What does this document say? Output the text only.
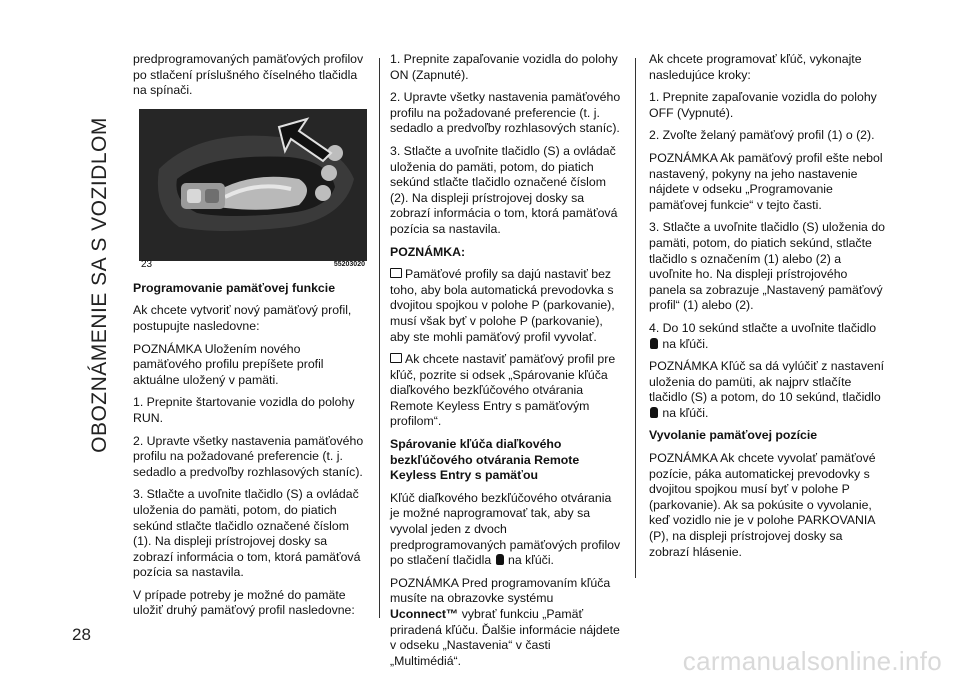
OBOZNÁMENIE SA S VOZIDLOM

predprogramovaných pamäťových profilov po stlačení príslušného číselného tlačidla na spínači.

23	55203020

Programovanie pamäťovej funkcie

Ak chcete vytvoriť nový pamäťový profil, postupujte nasledovne:

POZNÁMKA Uložením nového pamäťového profilu prepíšete profil aktuálne uložený v pamäti.

1. Prepnite štartovanie vozidla do polohy RUN.

2. Upravte všetky nastavenia pamäťového profilu na požadované preferencie (t. j. sedadlo a predvoľby rozhlasových staníc).

3. Stlačte a uvoľnite tlačidlo (S) a ovládač uloženia do pamäti, potom, do piatich sekúnd stlačte tlačidlo označené číslom (1). Na displeji prístrojovej dosky sa zobrazí informácia o tom, ktorá pamäťová pozícia sa nastavila.

V prípade potreby je možné do pamäte uložiť druhý pamäťový profil nasledovne:

1. Prepnite zapaľovanie vozidla do polohy ON (Zapnuté).

2. Upravte všetky nastavenia pamäťového profilu na požadované preferencie (t. j. sedadlo a predvoľby rozhlasových staníc).

3. Stlačte a uvoľnite tlačidlo (S) a ovládač uloženia do pamäti, potom, do piatich sekúnd stlačte tlačidlo označené číslom (2). Na displeji prístrojovej dosky sa zobrazí informácia o tom, ktorá pamäťová pozícia sa nastavila.

POZNÁMKA:

Pamäťové profily sa dajú nastaviť bez toho, aby bola automatická prevodovka s dvojitou spojkou v polohe P (parkovanie), musí však byť v polohe P (parkovanie), aby ste mohli pamäťový profil vyvolať.

Ak chcete nastaviť pamäťový profil pre kľúč, pozrite si odsek „Spárovanie kľúča diaľkového bezkľúčového otvárania Remote Keyless Entry s pamäťovým profilom“.

Spárovanie kľúča diaľkového bezkľúčového otvárania Remote Keyless Entry s pamäťou

Kľúč diaľkového bezkľúčového otvárania je možné naprogramovať tak, aby sa vyvolal jeden z dvoch predprogramovaných pamäťových profilov po stlačení tlačidla na kľúči.

POZNÁMKA Pred programovaním kľúča musíte na obrazovke systému Uconnect™ vybrať funkciu „Pamäť priradená kľúču. Ďalšie informácie nájdete v odseku „Nastavenia“ v časti „Multimédiá“.

Ak chcete programovať kľúč, vykonajte nasledujúce kroky:

1. Prepnite zapaľovanie vozidla do polohy OFF (Vypnuté).

2. Zvoľte želaný pamäťový profil (1) o (2).

POZNÁMKA Ak pamäťový profil ešte nebol nastavený, pokyny na jeho nastavenie nájdete v odseku „Programovanie pamäťovej funkcie“ v tejto časti.

3. Stlačte a uvoľnite tlačidlo (S) uloženia do pamäti, potom, do piatich sekúnd, stlačte tlačidlo s označením (1) alebo (2) a uvoľnite ho. Na displeji prístrojového panela sa zobrazuje „Nastavený pamäťový profil“ (1) alebo (2).

4. Do 10 sekúnd stlačte a uvoľnite tlačidlo  na kľúči.

POZNÁMKA Kľúč sa dá vylúčiť z nastavení uloženia do pamüti, ak najprv stlačíte tlačidlo (S) a potom, do 10 sekúnd, tlačidlo  na kľúči.

Vyvolanie pamäťovej pozície

POZNÁMKA Ak chcete vyvolať pamäťové pozície, páka automatickej prevodovky s dvojitou spojkou musí byť v polohe P (parkovanie). Ak sa pokúsite o vyvolanie, keď vozidlo nie je v polohe PARKOVANIA (P), na displeji prístrojovej dosky sa zobrazí hlásenie.

28
carmanualsonline.info
